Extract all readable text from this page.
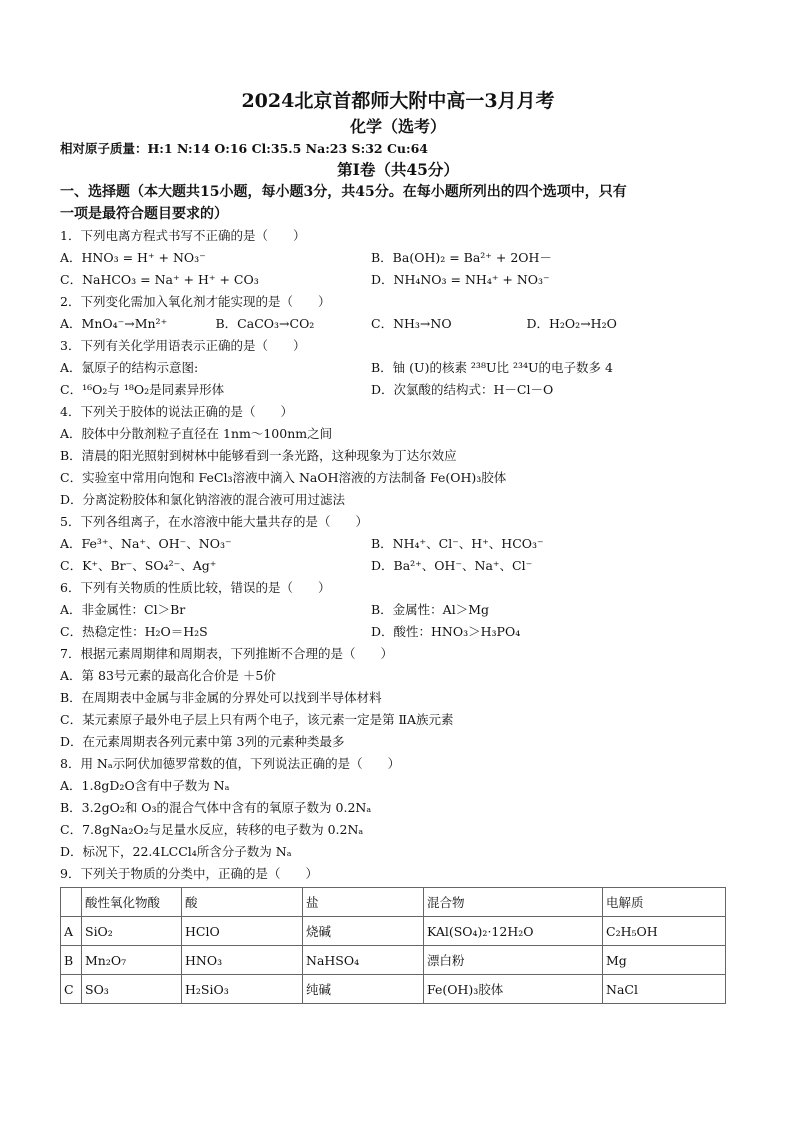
2024北京首都师大附中高一3月月考
化学（选考）
相对原子质量：H:1 N:14 O:16 Cl:35.5 Na:23 S:32 Cu:64
第Ⅰ卷（共45分）
一、选择题（本大题共15小题，每小题3分，共45分。在每小题所列出的四个选项中，只有
一项是最符合题目要求的）
1．下列电离方程式书写不正确的是（　　）
A．HNO₃ = H⁺ + NO₃⁻	B．Ba(OH)₂ = Ba²⁺ + 2OH－
C．NaHCO₃ = Na⁺ + H⁺ + CO₃	D．NH₄NO₃ = NH₄⁺ + NO₃⁻
2．下列变化需加入氧化剂才能实现的是（　　）
A．MnO₄⁻→Mn²⁺	B．CaCO₃→CO₂	C．NH₃→NO	D．H₂O₂→H₂O
3．下列有关化学用语表示正确的是（　　）
A．氯原子的结构示意图:	B．铀 (U)的核素 ²³⁸U比 ²³⁴U的电子数多 4
C．¹⁶O₂与 ¹⁸O₂是同素异形体	D．次氯酸的结构式：H－Cl－O
4．下列关于胶体的说法正确的是（　　）
A．胶体中分散剂粒子直径在 1nm～100nm之间
B．清晨的阳光照射到树林中能够看到一条光路，这种现象为丁达尔效应
C．实验室中常用向饱和 FeCl₃溶液中滴入 NaOH溶液的方法制备 Fe(OH)₃胶体
D．分离淀粉胶体和氯化钠溶液的混合液可用过滤法
5．下列各组离子，在水溶液中能大量共存的是（　　）
A．Fe³⁺、Na⁺、OH⁻、NO₃⁻	B．NH₄⁺、Cl⁻、H⁺、HCO₃⁻
C．K⁺、Br⁻、SO₄²⁻、Ag⁺	D．Ba²⁺、OH⁻、Na⁺、Cl⁻
6．下列有关物质的性质比较，错误的是（　　）
A．非金属性：Cl＞Br	B．金属性：Al＞Mg
C．热稳定性：H₂O＝H₂S	D．酸性：HNO₃＞H₃PO₄
7．根据元素周期律和周期表，下列推断不合理的是（　　）
A．第 83号元素的最高化合价是 ＋5价
B．在周期表中金属与非金属的分界处可以找到半导体材料
C．某元素原子最外电子层上只有两个电子，该元素一定是第 ⅡA族元素
D．在元素周期表各列元素中第 3列的元素种类最多
8．用 Nₐ示阿伏加德罗常数的值，下列说法正确的是（　　）
A．1.8gD₂O含有中子数为 Nₐ
B．3.2gO₂和 O₃的混合气体中含有的氧原子数为 0.2Nₐ
C．7.8gNa₂O₂与足量水反应，转移的电子数为 0.2Nₐ
D．标况下，22.4LCCl₄所含分子数为 Nₐ
9．下列关于物质的分类中，正确的是（　　）
	酸性氧化物酸	酸	盐	混合物	电解质
A	SiO₂	HClO	烧碱	KAl(SO₄)₂·12H₂O	C₂H₅OH
B	Mn₂O₇	HNO₃	NaHSO₄	漂白粉	Mg
C	SO₃	H₂SiO₃	纯碱	Fe(OH)₃胶体	NaCl
